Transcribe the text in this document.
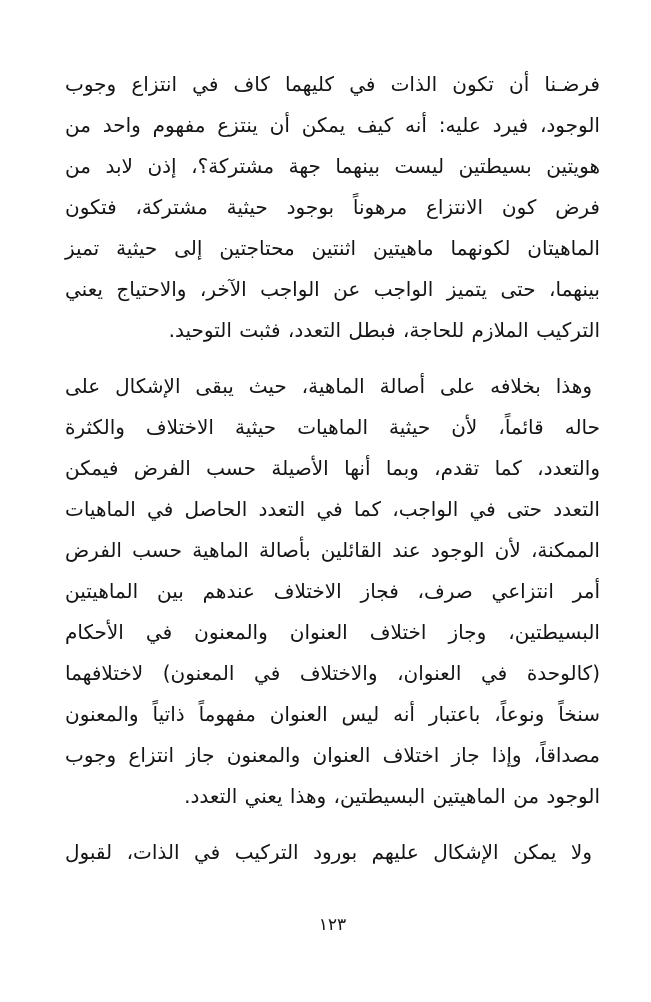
فرضـنا أن تكون الذات في كليهما كاف في انتزاع وجوب
الوجود، فيرد عليه: أنه كيف يمكن أن ينتزع مفهوم واحد من
هويتين بسيطتين ليست بينهما جهة مشتركة؟، إذن لابد من
فرض كون الانتزاع مرهوناً بوجود حيثية مشتركة، فتكون
الماهيتان لكونهما ماهيتين اثنتين محتاجتين إلى حيثية تميز
بينهما، حتى يتميز الواجب عن الواجب الآخر، والاحتياج يعني
التركيب الملازم للحاجة، فبطل التعدد، فثبت التوحيد.
وهذا بخلافه على أصالة الماهية، حيث يبقى الإشكال على
حاله قائماً، لأن حيثية الماهيات حيثية الاختلاف والكثرة
والتعدد، كما تقدم، وبما أنها الأصيلة حسب الفرض فيمكن
التعدد حتى في الواجب، كما في التعدد الحاصل في الماهيات
الممكنة، لأن الوجود عند القائلين بأصالة الماهية حسب الفرض
أمر انتزاعي صرف، فجاز الاختلاف عندهم بين الماهيتين
البسيطتين، وجاز اختلاف العنوان والمعنون في الأحكام
(كالوحدة في العنوان، والاختلاف في المعنون) لاختلافهما
سنخاً ونوعاً، باعتبار أنه ليس العنوان مفهوماً ذاتياً والمعنون
مصداقاً، وإذا جاز اختلاف العنوان والمعنون جاز انتزاع وجوب
الوجود من الماهيتين البسيطتين، وهذا يعني التعدد.
ولا يمكن الإشكال عليهم بورود التركيب في الذات، لقبول
١٢٣
